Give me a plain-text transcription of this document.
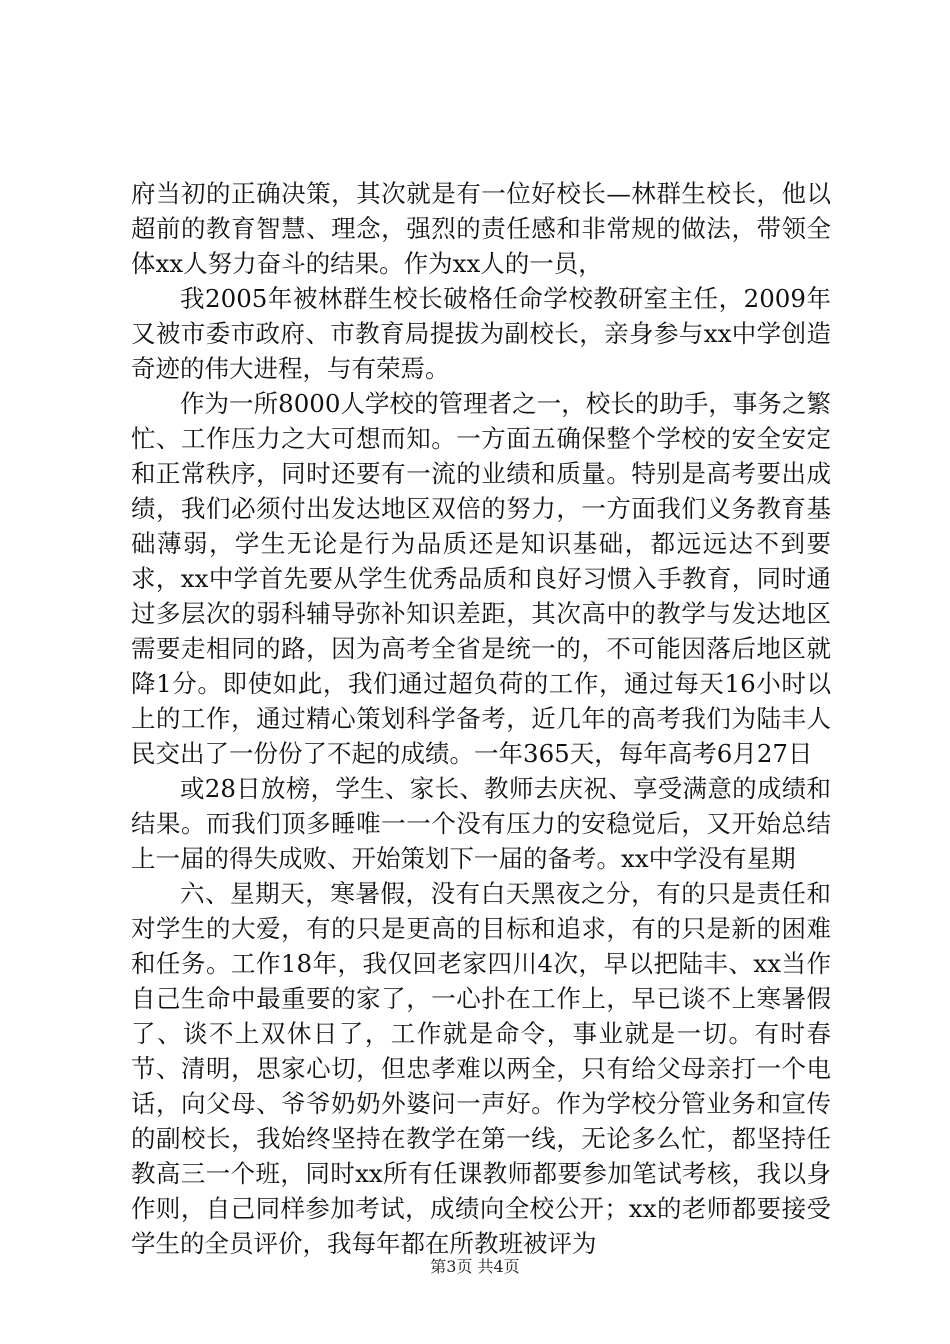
府当初的正确决策，其次就是有一位好校长—林群生校长，他以超前的教育智慧、理念，强烈的责任感和非常规的做法，带领全体xx人努力奋斗的结果。作为xx人的一员，

我2005年被林群生校长破格任命学校教研室主任，2009年又被市委市政府、市教育局提拔为副校长，亲身参与xx中学创造奇迹的伟大进程，与有荣焉。

作为一所8000人学校的管理者之一，校长的助手，事务之繁忙、工作压力之大可想而知。一方面五确保整个学校的安全安定和正常秩序，同时还要有一流的业绩和质量。特别是高考要出成绩，我们必须付出发达地区双倍的努力，一方面我们义务教育基础薄弱，学生无论是行为品质还是知识基础，都远远达不到要求，xx中学首先要从学生优秀品质和良好习惯入手教育，同时通过多层次的弱科辅导弥补知识差距，其次高中的教学与发达地区需要走相同的路，因为高考全省是统一的，不可能因落后地区就降1分。即使如此，我们通过超负荷的工作，通过每天16小时以上的工作，通过精心策划科学备考，近几年的高考我们为陆丰人民交出了一份份了不起的成绩。一年365天，每年高考6月27日

或28日放榜，学生、家长、教师去庆祝、享受满意的成绩和结果。而我们顶多睡唯一一个没有压力的安稳觉后，又开始总结上一届的得失成败、开始策划下一届的备考。xx中学没有星期

六、星期天，寒暑假，没有白天黑夜之分，有的只是责任和对学生的大爱，有的只是更高的目标和追求，有的只是新的困难和任务。工作18年，我仅回老家四川4次，早以把陆丰、xx当作自己生命中最重要的家了，一心扑在工作上，早已谈不上寒暑假了、谈不上双休日了，工作就是命令，事业就是一切。有时春节、清明，思家心切，但忠孝难以两全，只有给父母亲打一个电话，向父母、爷爷奶奶外婆问一声好。作为学校分管业务和宣传的副校长，我始终坚持在教学在第一线，无论多么忙，都坚持任教高三一个班，同时xx所有任课教师都要参加笔试考核，我以身作则，自己同样参加考试，成绩向全校公开；xx的老师都要接受学生的全员评价，我每年都在所教班被评为

第3页 共4页
